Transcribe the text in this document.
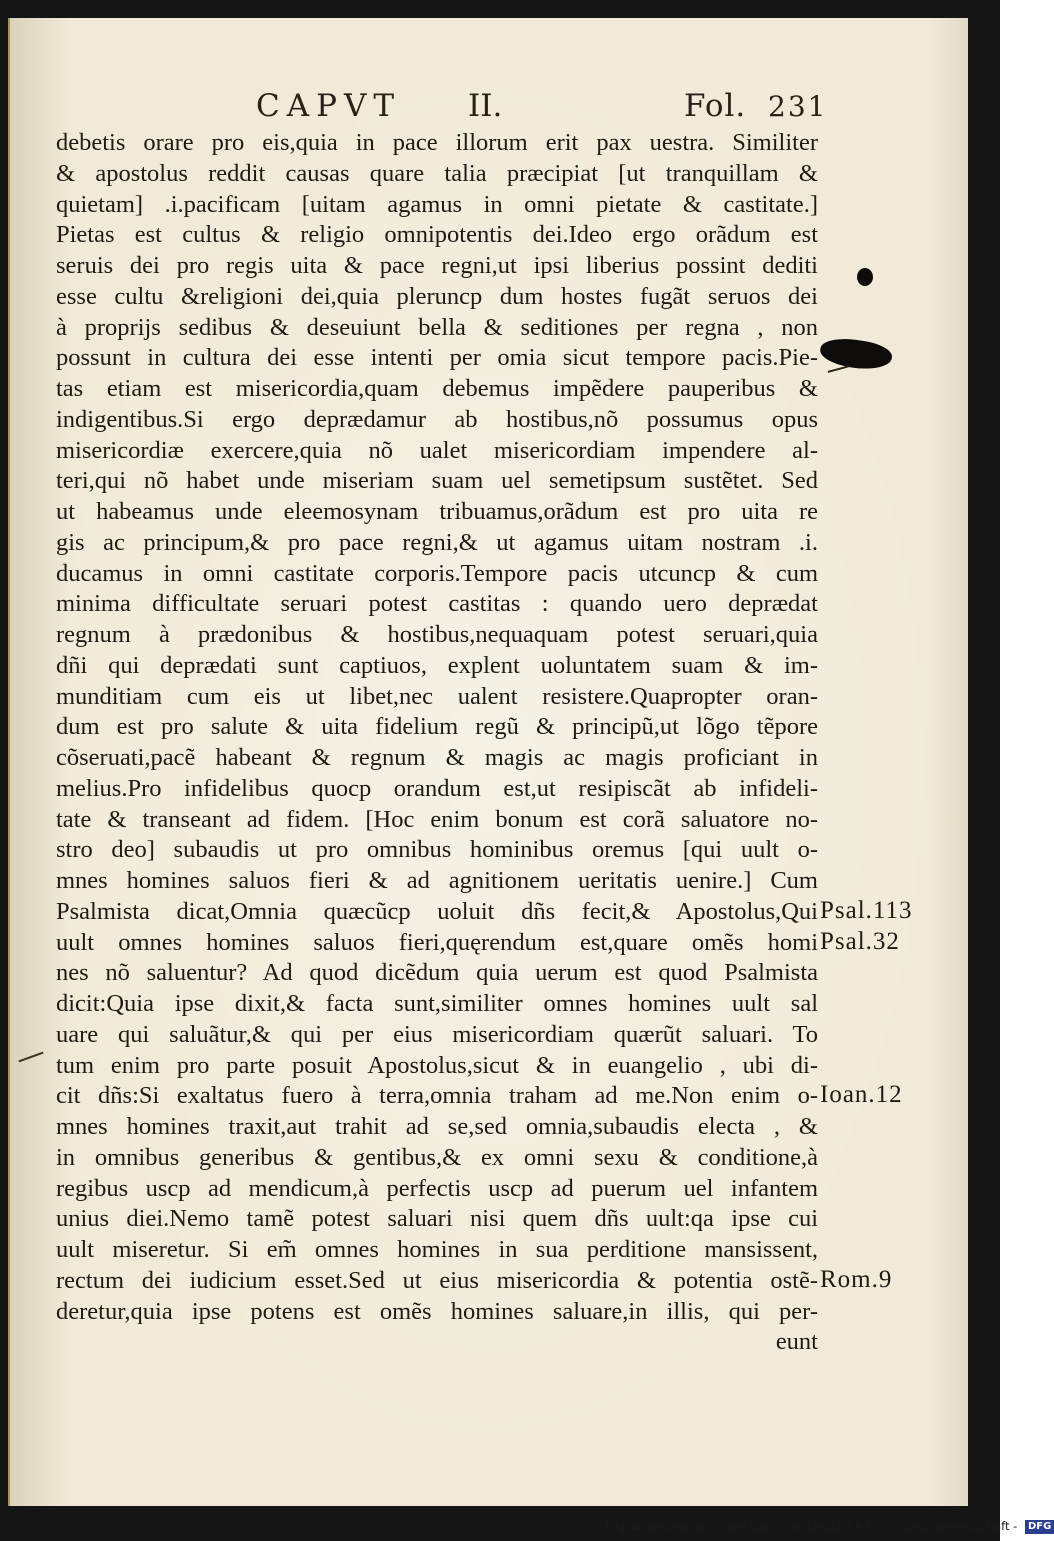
CAPVT II.	Fol. 231
debetis orare pro eis,quia in pace illorum erit pax uestra. Similiter
& apostolus reddit causas quare talia præcipiat [ut tranquillam &
quietam] .i.pacificam [uitam agamus in omni pietate & castitate.]
Pietas est cultus & religio omnipotentis dei.Ideo ergo orãdum est
seruis dei pro regis uita & pace regni,ut ipsi liberius possint dediti
esse cultu &religioni dei,quia pleruncp dum hostes fugãt seruos dei
à proprijs sedibus & deseuiunt bella & seditiones per regna , non
possunt in cultura dei esse intenti per omia sicut tempore pacis.Pie-
tas etiam est misericordia,quam debemus impẽdere pauperibus &
indigentibus.Si ergo deprædamur ab hostibus,nõ possumus opus
misericordiæ exercere,quia nõ ualet misericordiam impendere al-
teri,qui nõ habet unde miseriam suam uel semetipsum sustẽtet. Sed
ut habeamus unde eleemosynam tribuamus,orãdum est pro uita re
gis ac principum,& pro pace regni,& ut agamus uitam nostram .i.
ducamus in omni castitate corporis.Tempore pacis utcuncp & cum
minima difficultate seruari potest castitas : quando uero deprædat
regnum à prædonibus & hostibus,nequaquam potest seruari,quia
dñi qui deprædati sunt captiuos, explent uoluntatem suam & im-
munditiam cum eis ut libet,nec ualent resistere.Quapropter oran-
dum est pro salute & uita fidelium regũ & principũ,ut lõgo tẽpore
cõseruati,pacẽ habeant & regnum & magis ac magis proficiant in
melius.Pro infidelibus quocp orandum est,ut resipiscãt ab infideli-
tate & transeant ad fidem. [Hoc enim bonum est corã saluatore no-
stro deo] subaudis ut pro omnibus hominibus oremus [qui uult o-
mnes homines saluos fieri & ad agnitionem ueritatis uenire.] Cum
Psalmista dicat,Omnia quæcũcp uoluit dñs fecit,& Apostolus,Qui
uult omnes homines saluos fieri,quęrendum est,quare omẽs homi
nes nõ saluentur? Ad quod dicẽdum quia uerum est quod Psalmista
dicit:Quia ipse dixit,& facta sunt,similiter omnes homines uult sal
uare qui saluãtur,& qui per eius misericordiam quærũt saluari. To
tum enim pro parte posuit Apostolus,sicut & in euangelio , ubi di-
cit dñs:Si exaltatus fuero à terra,omnia traham ad me.Non enim o-
mnes homines traxit,aut trahit ad se,sed omnia,subaudis electa , &
in omnibus generibus & gentibus,& ex omni sexu & conditione,à
regibus uscp ad mendicum,à perfectis uscp ad puerum uel infantem
unius diei.Nemo tamẽ potest saluari nisi quem dñs uult:qa ipse cui
uult miseretur. Si em̃ omnes homines in sua perditione mansissent,
rectum dei iudicium esset.Sed ut eius misericordia & potentia ostẽ-
deretur,quia ipse potens est omẽs homines saluare,in illis, qui per-
eunt
Psal.113
Psal.32
Ioan.12
Rom.9
Digitalisierung gefördert durch die Deutsche Forschungsgemeinschaft - DFG
